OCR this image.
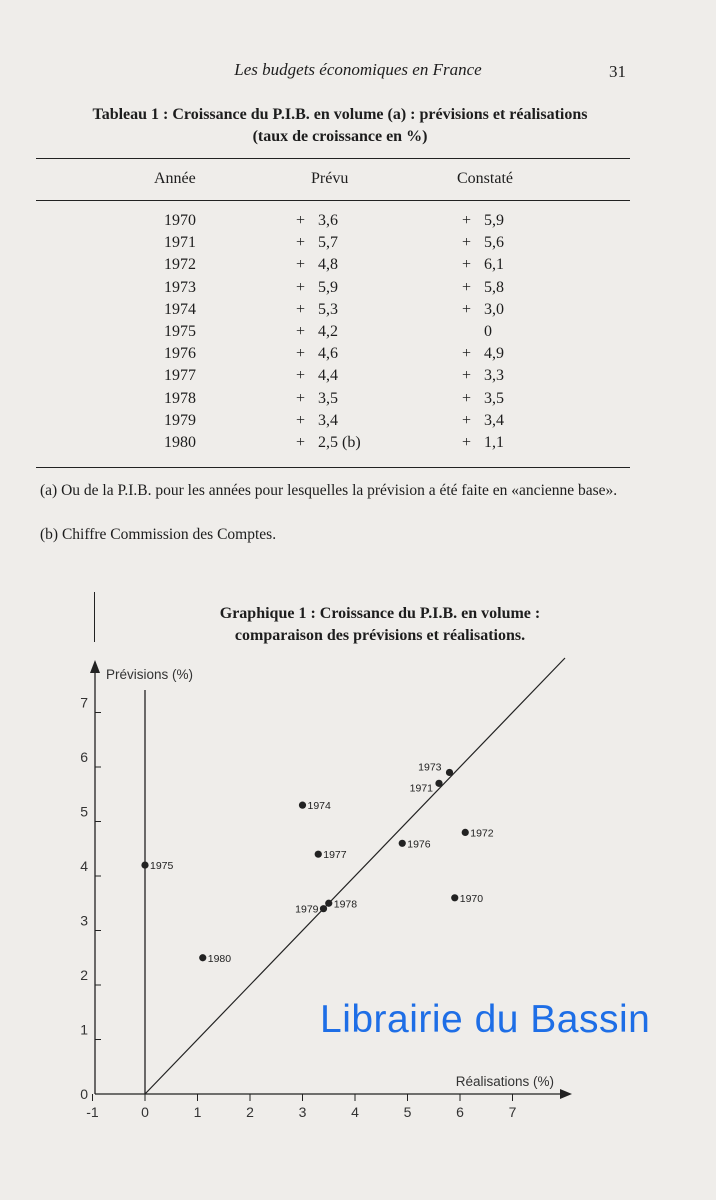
Les budgets économiques en France	31
Tableau 1 : Croissance du P.I.B. en volume (a) : prévisions et réalisations
(taux de croissance en %)
Année	Prévu	Constaté
1970	+ 3,6	+ 5,9
1971	+ 5,7	+ 5,6
1972	+ 4,8	+ 6,1
1973	+ 5,9	+ 5,8
1974	+ 5,3	+ 3,0
1975	+ 4,2	0
1976	+ 4,6	+ 4,9
1977	+ 4,4	+ 3,3
1978	+ 3,5	+ 3,5
1979	+ 3,4	+ 3,4
1980	+ 2,5 (b)	+ 1,1
(a) Ou de la P.I.B. pour les années pour lesquelles la prévision a été faite en «ancienne base».
(b) Chiffre Commission des Comptes.
Graphique 1 : Croissance du P.I.B. en volume :
comparaison des prévisions et réalisations.
-1	0	1	2	3	4	5	6	7
0
1
2
3
4
5
6
7
Réalisations (%)
Prévisions (%)
1970
1971
1972
1973
1974
1975
1976
1977
1978
1979
1980
Librairie du Bassin
